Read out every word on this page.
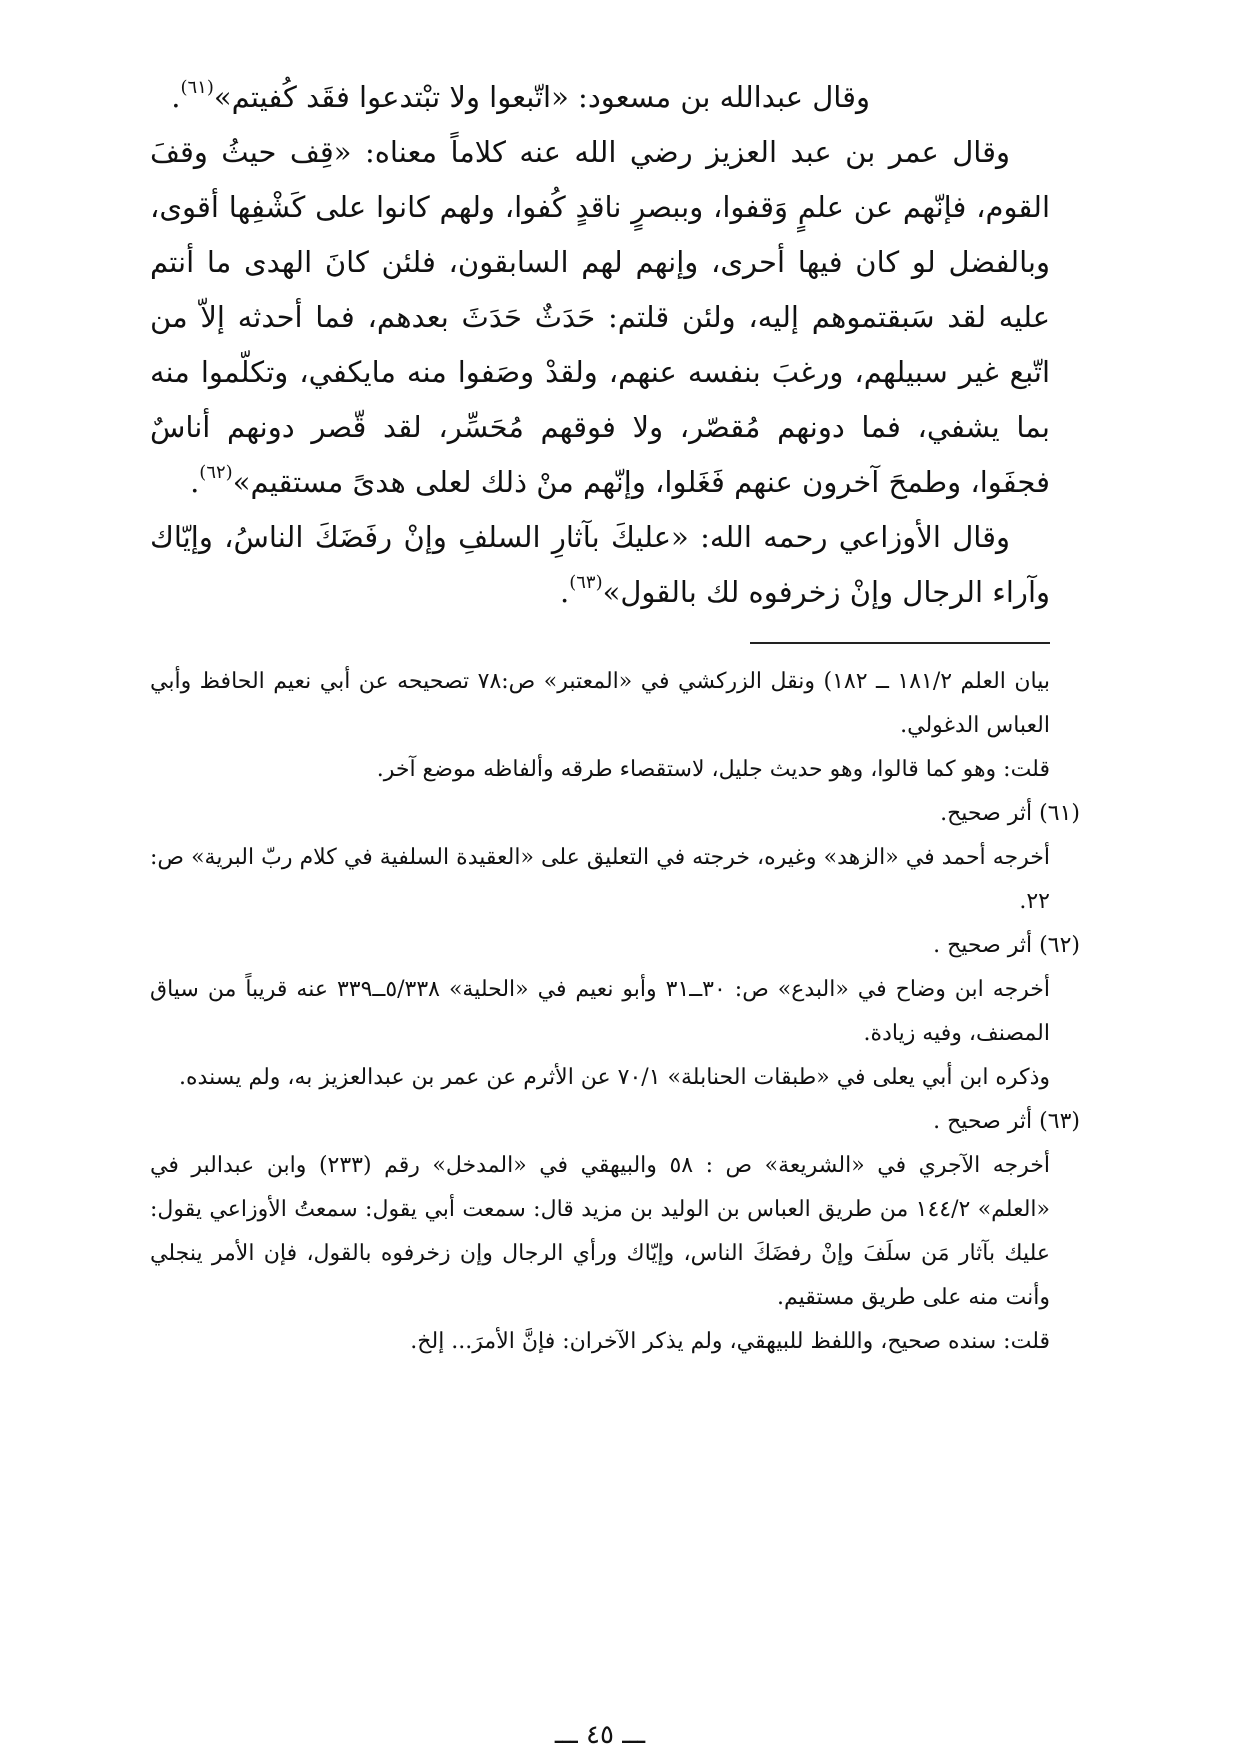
وقال عبدالله بن مسعود: «اتّبعوا ولا تبْتدعوا فقَد كُفيتم»$^{(٦١)}$.

وقال عمر بن عبد العزيز رضي الله عنه كلاماً معناه: «قِف حيثُ وقفَ القوم، فإنّهم عن علمٍ وَقفوا، وببصرٍ ناقدٍ كُفوا، ولهم كانوا على كَشْفِها أقوى، وبالفضل لو كان فيها أحرى، وإنهم لهم السابقون، فلئن كانَ الهدى ما أنتم عليه لقد سَبقتموهم إليه، ولئن قلتم: حَدَثٌ حَدَثَ بعدهم، فما أحدثه إلاّ من اتّبع غير سبيلهم، ورغبَ بنفسه عنهم، ولقدْ وصَفوا منه مايكفي، وتكلّموا منه بما يشفي، فما دونهم مُقصّر، ولا فوقهم مُحَسِّر، لقد قّصر دونهم أناسٌ فجفَوا، وطمحَ آخرون عنهم فَغَلوا، وإنّهم منْ ذلك لعلى هدىً مستقيم»$^{(٦٢)}$.

وقال الأوزاعي رحمه الله: «عليكَ بآثارِ السلفِ وإنْ رفَضَكَ الناسُ، وإيّاك وآراء الرجال وإنْ زخرفوه لك بالقول»$^{(٦٣)}$.

بيان العلم ١٨١/٢ ــ ١٨٢) ونقل الزركشي في «المعتبر» ص:٧٨ تصحيحه عن أبي نعيم الحافظ وأبي العباس الدغولي.

قلت: وهو كما قالوا، وهو حديث جليل، لاستقصاء طرقه وألفاظه موضع آخر.

(٦١) أثر صحيح.

أخرجه أحمد في «الزهد» وغيره، خرجته في التعليق على «العقيدة السلفية في كلام ربّ البرية» ص: ٢٢.

(٦٢) أثر صحيح .

أخرجه ابن وضاح في «البدع» ص: ٣٠ــ٣١ وأبو نعيم في «الحلية» ٥/٣٣٨ــ٣٣٩ عنه قريباً من سياق المصنف، وفيه زيادة.

وذكره ابن أبي يعلى في «طبقات الحنابلة» ٧٠/١ عن الأثرم عن عمر بن عبدالعزيز به، ولم يسنده.

(٦٣) أثر صحيح .

أخرجه الآجري في «الشريعة» ص : ٥٨ والبيهقي في «المدخل» رقم (٢٣٣) وابن عبدالبر في «العلم» ١٤٤/٢ من طريق العباس بن الوليد بن مزيد قال: سمعت أبي يقول: سمعتُ الأوزاعي يقول: عليك بآثار مَن سلَفَ وإنْ رفضَكَ الناس، وإيّاك ورأي الرجال وإن زخرفوه بالقول، فإن الأمر ينجلي وأنت منه على طريق مستقيم.

قلت: سنده صحيح، واللفظ للبيهقي، ولم يذكر الآخران: فإنَّ الأمرَ... إلخ.

ـــ ٤٥ ـــ
